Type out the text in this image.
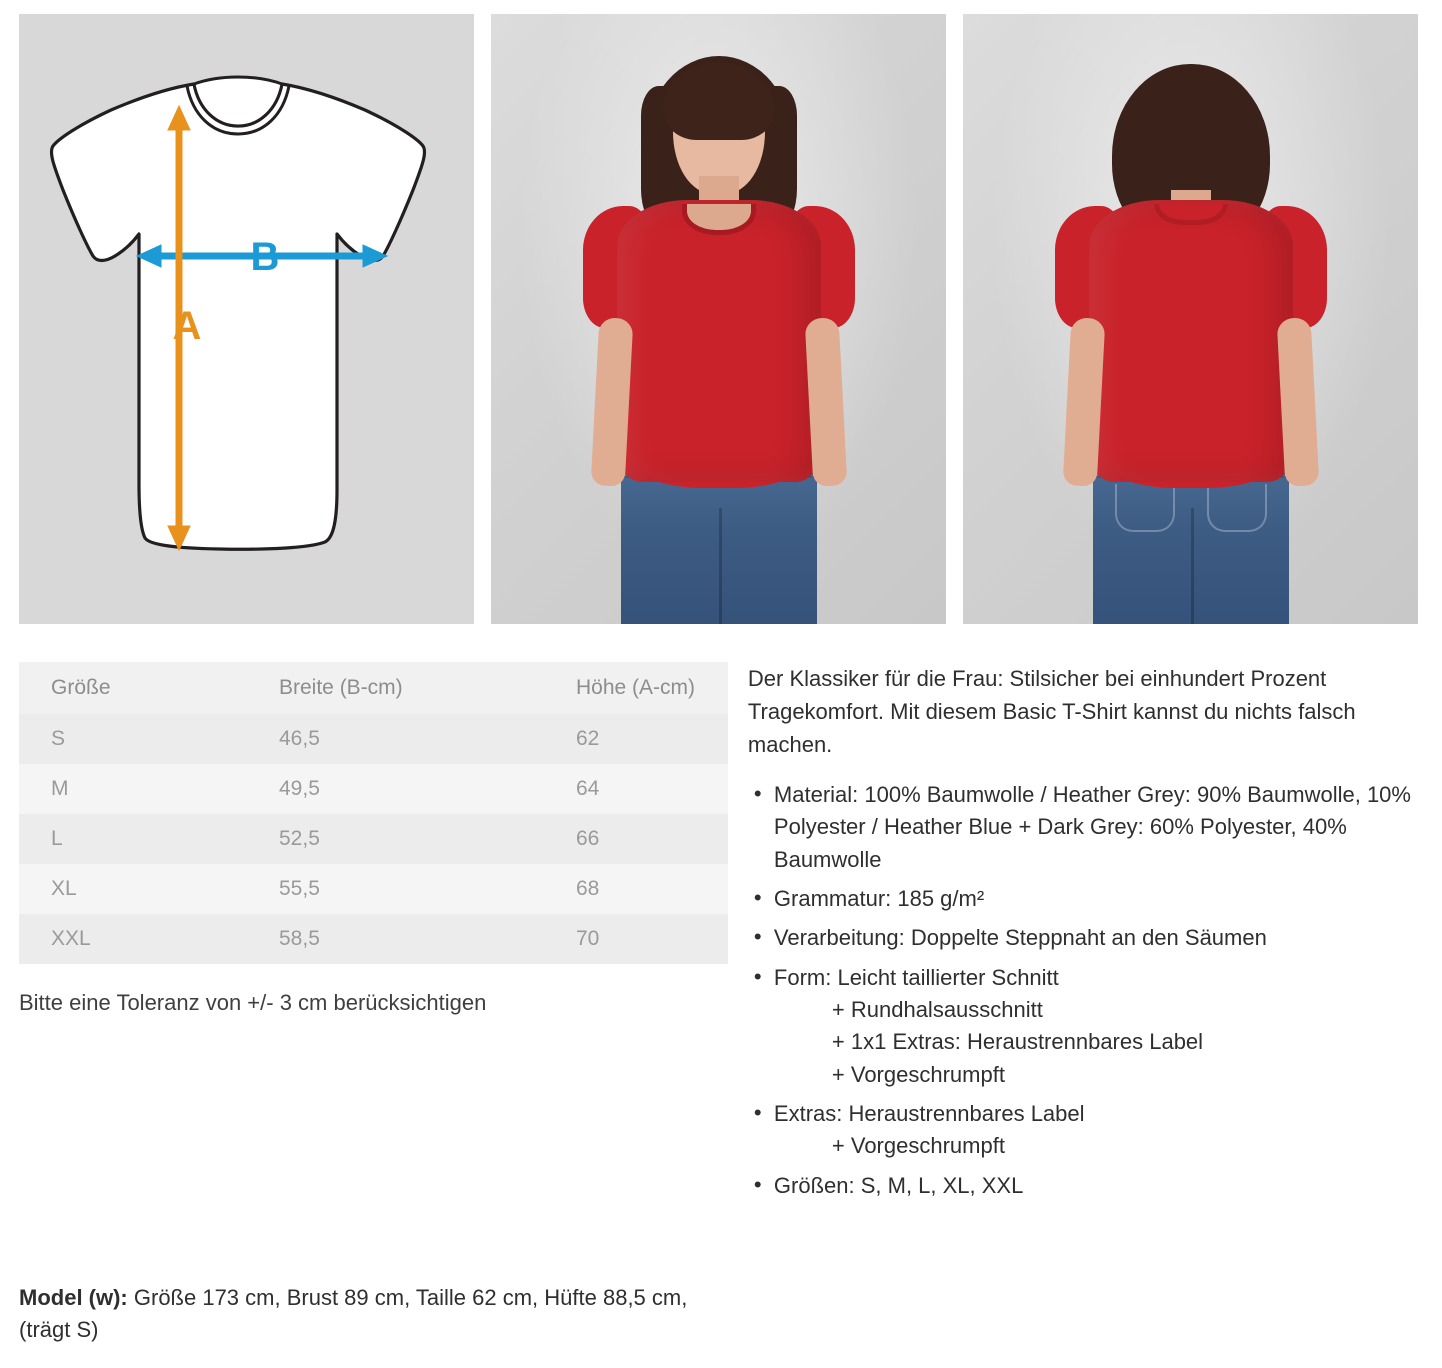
B
A
Größe	Breite (B-cm)	Höhe (A-cm)
S	46,5	62
M	49,5	64
L	52,5	66
XL	55,5	68
XXL	58,5	70
Bitte eine Toleranz von +/- 3 cm berücksichtigen

Der Klassiker für die Frau: Stilsicher bei einhundert Prozent Tragekomfort. Mit diesem Basic T-Shirt kannst du nichts falsch machen.

• Material: 100% Baumwolle / Heather Grey: 90% Baumwolle, 10% Polyester / Heather Blue + Dark Grey: 60% Polyester, 40% Baumwolle
• Grammatur: 185 g/m²
• Verarbeitung: Doppelte Steppnaht an den Säumen
• Form: Leicht taillierter Schnitt
+ Rundhalsausschnitt
+ 1x1 Extras: Heraustrennbares Label
+ Vorgeschrumpft
• Extras: Heraustrennbares Label
+ Vorgeschrumpft
• Größen: S, M, L, XL, XXL
Model (w): Größe 173 cm, Brust 89 cm, Taille 62 cm, Hüfte 88,5 cm, (trägt S)
